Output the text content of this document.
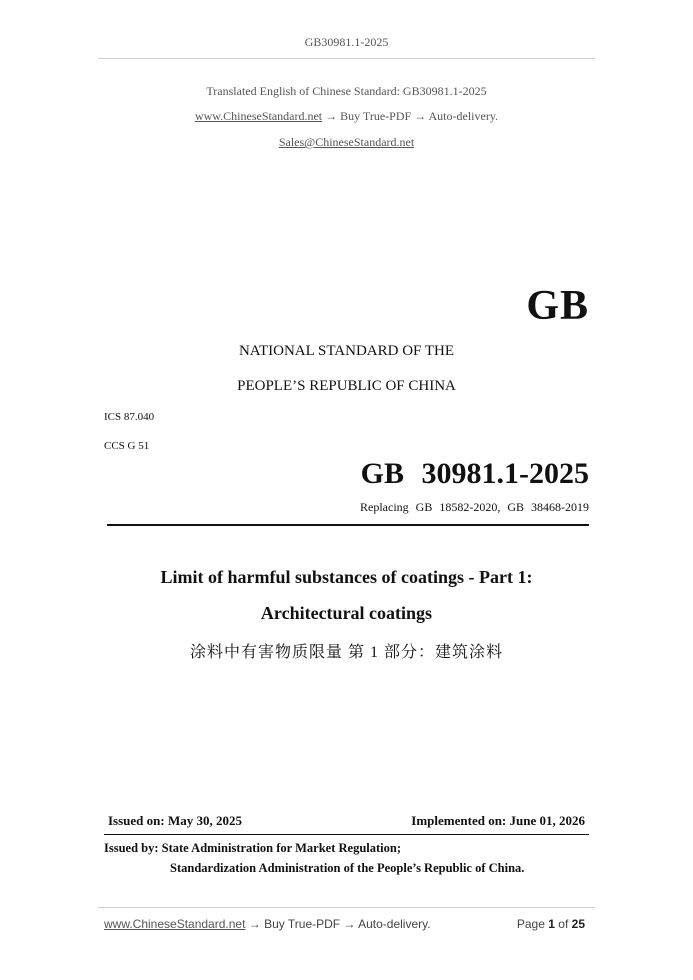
GB30981.1-2025
Translated English of Chinese Standard: GB30981.1-2025
www.ChineseStandard.net → Buy True-PDF → Auto-delivery.
Sales@ChineseStandard.net
GB
NATIONAL STANDARD OF THE
PEOPLE’S REPUBLIC OF CHINA
ICS 87.040
CCS G 51
GB 30981.1-2025
Replacing GB 18582-2020, GB 38468-2019
Limit of harmful substances of coatings - Part 1:
Architectural coatings
涂料中有害物质限量 第 1 部分：建筑涂料
Issued on: May 30, 2025	Implemented on: June 01, 2026
Issued by: State Administration for Market Regulation;
Standardization Administration of the People’s Republic of China.
www.ChineseStandard.net → Buy True-PDF → Auto-delivery.	Page 1 of 25
